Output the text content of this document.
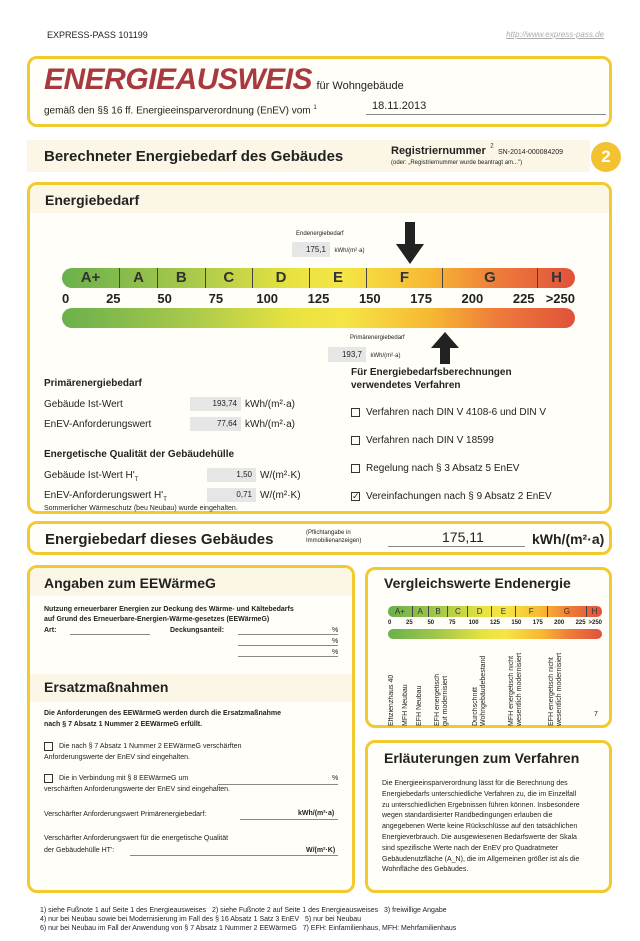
EXPRESS-PASS 101199	http://www.express-pass.de
ENERGIEAUSWEIS für Wohngebäude
gemäß den §§ 16 ff. Energieeinsparverordnung (EnEV) vom $^1$	18.11.2013
Berechneter Energiebedarf des Gebäudes	Registriernummer $^2$ SN-2014-000084209
(oder: „Registriernummer wurde beantragt am...")	2
Energiebedarf
Endenergiebedarf
175,1 kWh/(m²·a)
A+	A	B	C	D	E	F	G	H
0	25	50	75	100 125 150 175 200 225 >250
Primärenergiebedarf
193,7 kWh/(m²·a)
Primärenergiebedarf
Gebäude Ist-Wert	193,74 kWh/(m²·a)
EnEV-Anforderungswert	77,64 kWh/(m²·a)
Energetische Qualität der Gebäudehülle
Gebäude Ist-Wert $H'_T$
1,50 W/(m²·K)
EnEV-Anforderungswert $H'_T$
0,71 W/(m²·K)
Sommerlicher Wärmeschutz (beu Neubau) wurde eingehalten.
Für Energiebedarfsberechnungen
verwendetes Verfahren
Verfahren nach DIN V 4108-6 und DIN V
Verfahren nach DIN V 18599
Regelung nach § 3 Absatz 5 EnEV
✓ Vereinfachungen nach § 9 Absatz 2 EnEV
Energiebedarf dieses Gebäudes	(Pflichtangabe in
Immobilienanzeigen)	175,11	kWh/(m²·a)
Angaben zum EEWärmeG
Nutzung erneuerbarer Energien zur Deckung des Wärme- und Kältebedarfs
auf Grund des Erneuerbare-Energien-Wärme-gesetzes (EEWärmeG)
Art:	Deckungsanteil:	%
%
%
Ersatzmaßnahmen
Die Anforderungen des EEWärmeG werden durch die Ersatzmaßnahme
nach § 7 Absatz 1 Nummer 2 EEWärmeG erfüllt.
Die nach § 7 Absatz 1 Nummer 2 EEWärmeG verschärften
Anforderungswerte der EnEV sind eingehalten.
Die in Verbindung mit § 8 EEWärmeG um
verschärften Anforderungswerte der EnEV sind eingehalten.
%
Verschärfter Anforderungswert Primärenergiebedarf:	kWh/(m²·a)
Verschärfter Anforderungswert für die energetische Qualität
der Gebäudehülle HT':	W/(m²·K)
Vergleichswerte Endenergie
A+	A	B	C	D	E	F	G	H
0 25 50 75 100 125 150 175 200 225 >250
Effizienzhaus 40 MFH Neubau EFH Neubau EFH energetisch
gut modernisiert	Durchschnitt
Wohngebäudebestand	MFH energetisch nicht
wesentlich modernisiert
EFH energetisch nicht
wesentlich modernisiert
7
Erläuterungen zum Verfahren
Die Energieeinsparverordnung lässt für die Berechnung des
Energiebedarfs unterschiedliche Verfahren zu, die im Einzelfall
zu unterschiedlichen Ergebnissen führen können. Insbesondere
wegen standardisierter Randbedingungen erlauben die
angegebenen Werte keine Rückschlüsse auf den tatsächlichen
Energieverbrauch. Die ausgewiesenen Bedarfswerte der Skala
sind spezifische Werte nach der EnEV pro Quadratmeter
Gebäudenutzfläche (A_N), die im Allgemeinen größer ist als die
Wohnfläche des Gebäudes.
1) siehe Fußnote 1 auf Seite 1 des Energieausweises   2) siehe Fußnote 2 auf Seite 1 des Energieausweises   3) freiwillige Angabe
4) nur bei Neubau sowie bei Modernisierung im Fall des § 16 Absatz 1 Satz 3 EnEV   5) nur bei Neubau
6) nur bei Neubau im Fall der Anwendung von § 7 Absatz 1 Nummer 2 EEWärmeG   7) EFH: Einfamilienhaus, MFH: Mehrfamilienhaus
